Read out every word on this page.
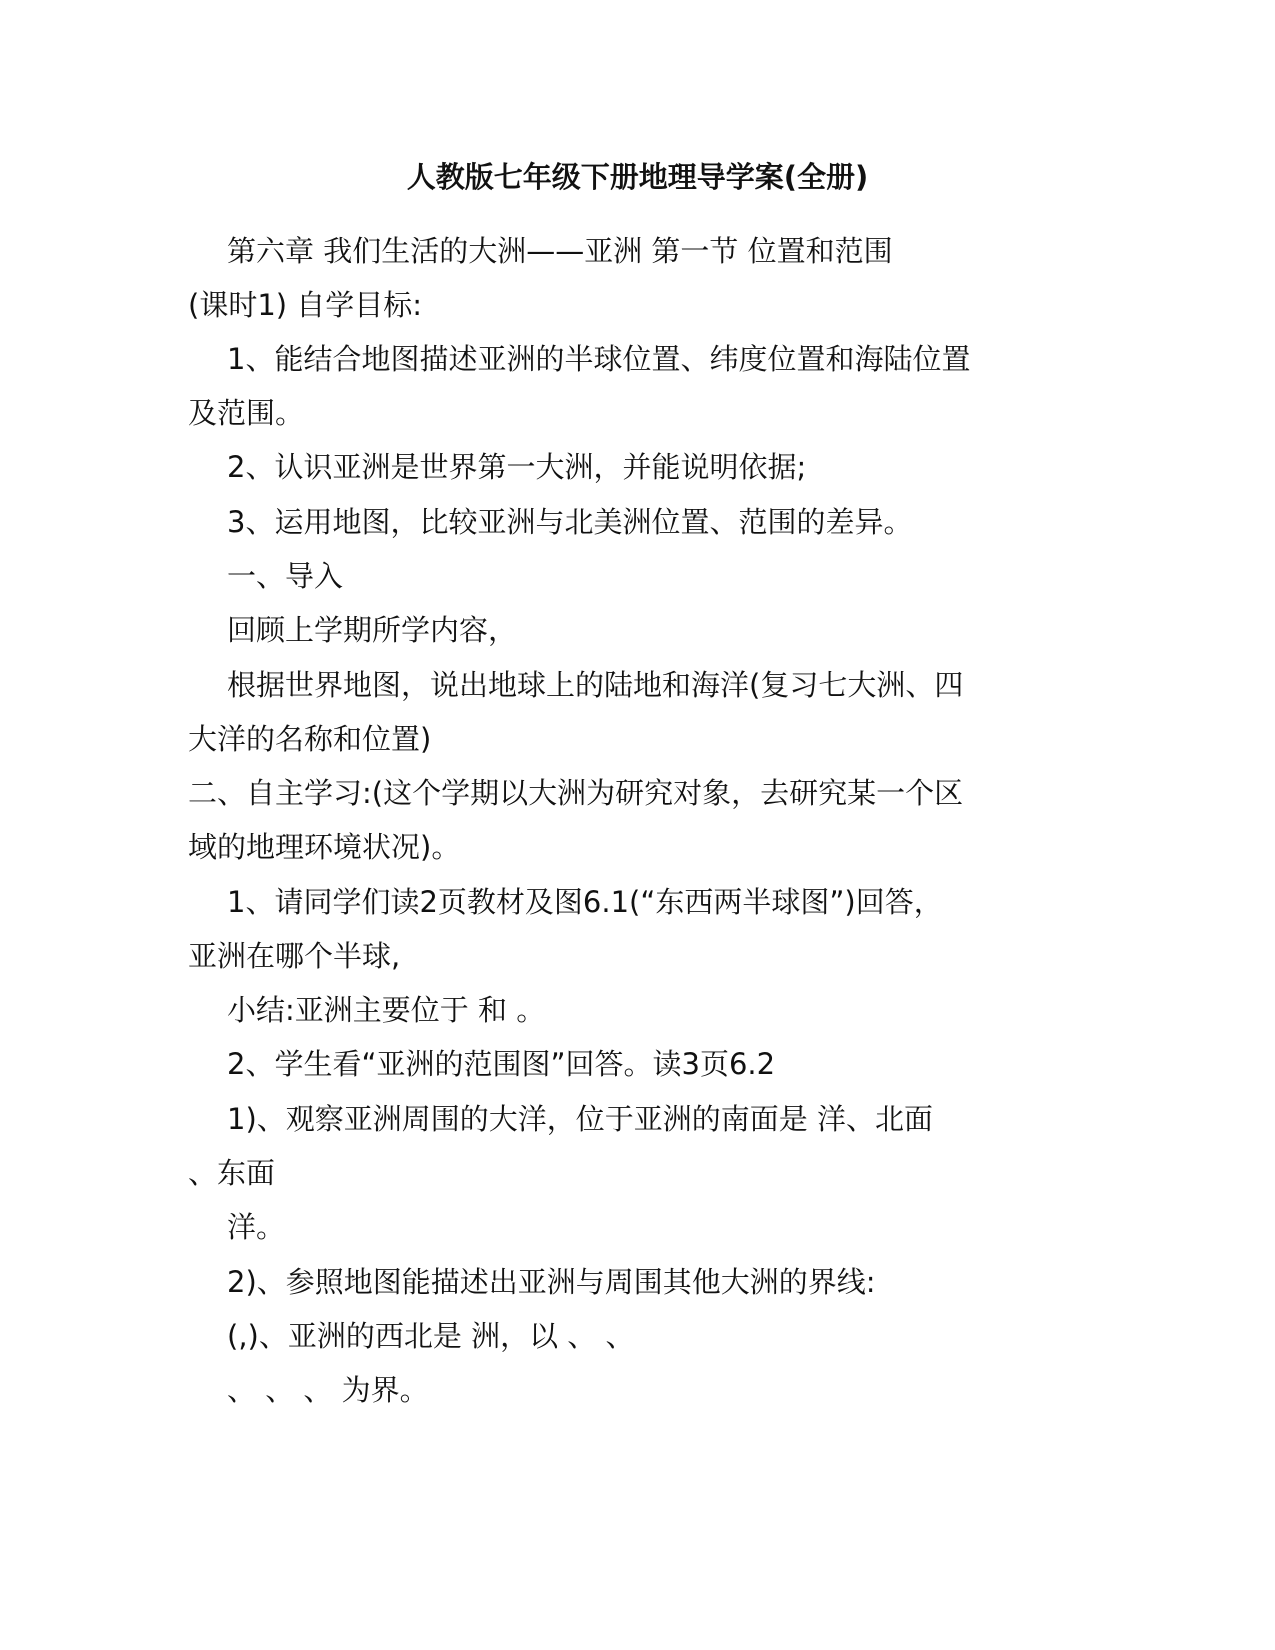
人教版七年级下册地理导学案(全册)
第六章 我们生活的大洲——亚洲 第一节 位置和范围
(课时1) 自学目标:
1、能结合地图描述亚洲的半球位置、纬度位置和海陆位置
及范围。
2、认识亚洲是世界第一大洲，并能说明依据;
3、运用地图，比较亚洲与北美洲位置、范围的差异。
一、导入
回顾上学期所学内容，
根据世界地图，说出地球上的陆地和海洋(复习七大洲、四
大洋的名称和位置)
二、自主学习:(这个学期以大洲为研究对象，去研究某一个区
域的地理环境状况)。
1、请同学们读2页教材及图6.1(“东西两半球图”)回答，
亚洲在哪个半球,
小结:亚洲主要位于 和 。
2、学生看“亚洲的范围图”回答。读3页6.2
1)、观察亚洲周围的大洋，位于亚洲的南面是 洋、北面
、东面
洋。
2)、参照地图能描述出亚洲与周围其他大洲的界线:
(,)、亚洲的西北是 洲，以 、 、
、 、 、 为界。
